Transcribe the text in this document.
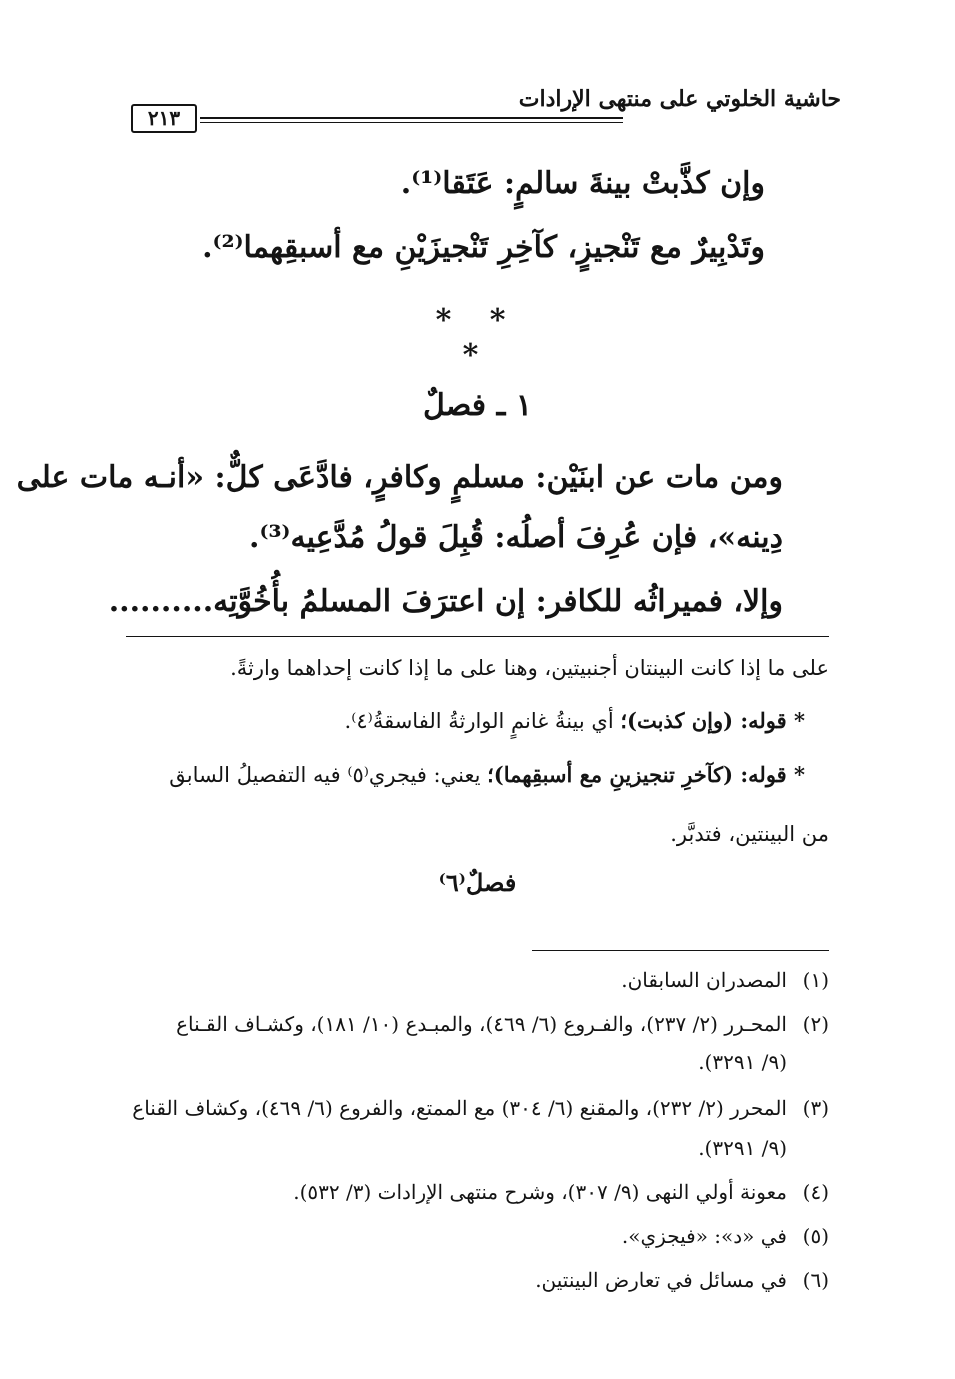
حاشية الخلوتي على منتهى الإرادات
٢١٣
وإن كذَّبتْ بينةَ سالمٍ: عَتَقا⁽¹⁾.
وتَدْبِيرٌ مع تَنْجيزٍ، كآخِرِ تَنْجيزَيْنِ مع أسبقِهما⁽²⁾.
* * *
١ ـ فصلٌ
ومن مات عن ابنَيْن: مسلمٍ وكافرٍ، فادَّعَى كلٌّ: «أنـه مات على
دِينه»، فإن عُرِفَ أصلُه: قُبِلَ قولُ مُدَّعِيه⁽³⁾.
وإلا، فميراثُه للكافر: إن اعترَفَ المسلمُ بأُخُوَّتِه..........
على ما إذا كانت البينتان أجنبيتين، وهنا على ما إذا كانت إحداهما وارثةً.
* قوله: (وإن كذبت)؛ أي بينةُ غانمٍ الوارثةُ الفاسقةُ⁽٤⁾.
* قوله: (كآخرِ تنجيزينِ مع أسبقِهما)؛ يعني: فيجري⁽٥⁾ فيه التفصيلُ السابق
من البينتين، فتدبَّر.
فصلٌ⁽٦⁾
(١)المصدران السابقان.
(٢)المحـرر (٢/ ٢٣٧)، والفـروع (٦/ ٤٦٩)، والمبـدع (١٠/ ١٨١)، وكشـاف القـناع
(٩/ ٣٢٩١).
(٣)المحرر (٢/ ٢٣٢)، والمقنع (٦/ ٣٠٤) مع الممتع، والفروع (٦/ ٤٦٩)، وكشاف القناع
(٩/ ٣٢٩١).
(٤)معونة أولي النهى (٩/ ٣٠٧)، وشرح منتهى الإرادات (٣/ ٥٣٢).
(٥)في «د»: «فيجزي».
(٦)في مسائل في تعارض البينتين.
